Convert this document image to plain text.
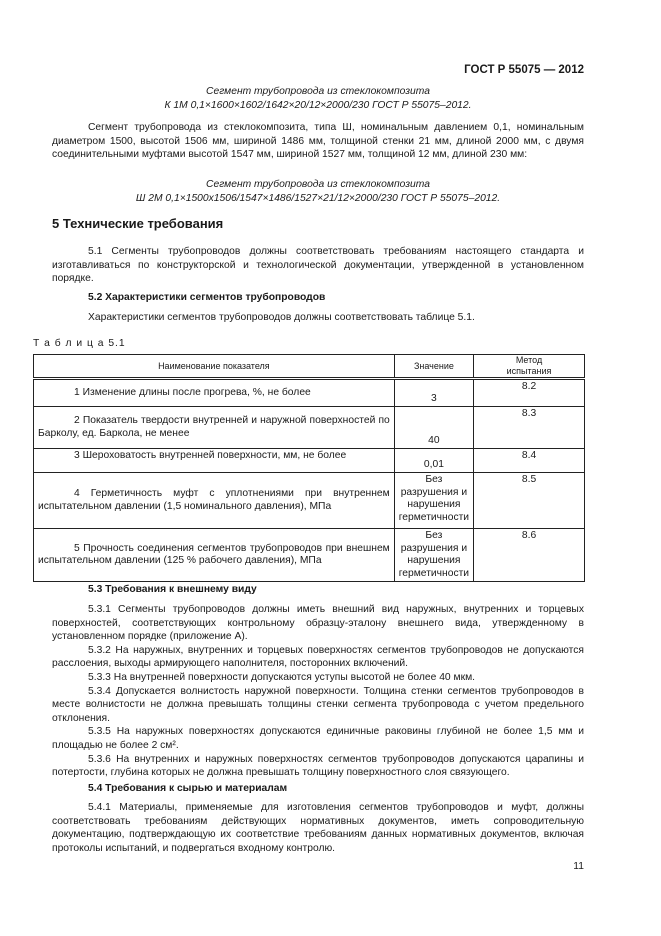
ГОСТ Р 55075 — 2012
Сегмент трубопровода из стеклокомпозита
К 1М 0,1×1600×1602/1642×20/12×2000/230 ГОСТ Р 55075–2012.
Сегмент трубопровода из стеклокомпозита, типа Ш, номинальным давлением 0,1, номинальным диаметром 1500, высотой 1506 мм, шириной 1486 мм, толщиной стенки 21 мм, длиной 2000 мм, с двумя соединительными муфтами высотой 1547 мм, шириной 1527 мм, толщиной 12 мм, длиной 230 мм:
Сегмент трубопровода из стеклокомпозита
Ш 2М 0,1×1500х1506/1547×1486/1527×21/12×2000/230 ГОСТ Р 55075–2012.
5 Технические требования
5.1 Сегменты трубопроводов должны соответствовать требованиям настоящего стандарта и изготавливаться по конструкторской и технологической документации, утвержденной в установленном порядке.
5.2 Характеристики сегментов трубопроводов
Характеристики сегментов трубопроводов должны соответствовать таблице 5.1.
Т а б л и ц а 5.1
Наименование показателя	Значение	Метод испытания
1 Изменение длины после прогрева, %, не более	3	8.2
2 Показатель твердости внутренней и наружной поверхностей по Барколу, ед. Баркола, не менее	40	8.3
3 Шероховатость внутренней поверхности, мм, не более	0,01	8.4
4 Герметичность муфт с уплотнениями при внутреннем испытательном давлении (1,5 номинального давления), МПа	Без разрушения и нарушения герметичности	8.5
5 Прочность соединения сегментов трубопроводов при внешнем испытательном давлении (125 % рабочего давления), МПа	Без разрушения и нарушения герметичности	8.6
5.3 Требования к внешнему виду
5.3.1 Сегменты трубопроводов должны иметь внешний вид наружных, внутренних и торцевых поверхностей, соответствующих контрольному образцу-эталону внешнего вида, утвержденному в установленном порядке (приложение А).
5.3.2 На наружных, внутренних и торцевых поверхностях сегментов трубопроводов не допускаются расслоения, выходы армирующего наполнителя, посторонних включений.
5.3.3 На внутренней поверхности допускаются уступы высотой не более 40 мкм.
5.3.4 Допускается волнистость наружной поверхности. Толщина стенки сегментов трубопроводов в месте волнистости не должна превышать толщины стенки сегмента трубопровода с учетом предельного отклонения.
5.3.5 На наружных поверхностях допускаются единичные раковины глубиной не более 1,5 мм и площадью не более 2 см².
5.3.6 На внутренних и наружных поверхностях сегментов трубопроводов допускаются царапины и потертости, глубина которых не должна превышать толщину поверхностного слоя связующего.
5.4 Требования к сырью и материалам
5.4.1 Материалы, применяемые для изготовления сегментов трубопроводов и муфт, должны соответствовать требованиям действующих нормативных документов, иметь сопроводительную документацию, подтверждающую их соответствие требованиям данных нормативных документов, включая протоколы испытаний, и подвергаться входному контролю.
11
